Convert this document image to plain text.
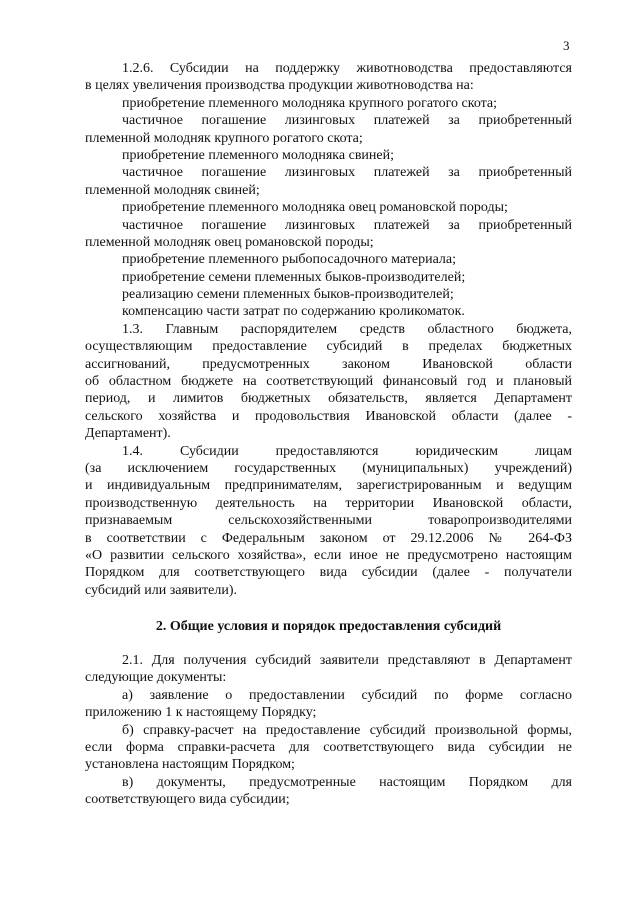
3
1.2.6. Субсидии на поддержку животноводства предоставляются
в целях увеличения производства продукции животноводства на:
приобретение племенного молодняка крупного рогатого скота;
частичное погашение лизинговых платежей за приобретенный
племенной молодняк крупного рогатого скота;
приобретение племенного молодняка свиней;
частичное погашение лизинговых платежей за приобретенный
племенной молодняк свиней;
приобретение племенного молодняка овец романовской породы;
частичное погашение лизинговых платежей за приобретенный
племенной молодняк овец романовской породы;
приобретение племенного рыбопосадочного материала;
приобретение семени племенных быков-производителей;
реализацию семени племенных быков-производителей;
компенсацию части затрат по содержанию кроликоматок.
1.3. Главным распорядителем средств областного бюджета,
осуществляющим предоставление субсидий в пределах бюджетных
ассигнований, предусмотренных законом Ивановской области
об областном бюджете на соответствующий финансовый год и плановый
период, и лимитов бюджетных обязательств, является Департамент
сельского хозяйства и продовольствия Ивановской области (далее -
Департамент).
1.4. Субсидии предоставляются юридическим лицам
(за исключением государственных (муниципальных) учреждений)
и индивидуальным предпринимателям, зарегистрированным и ведущим
производственную деятельность на территории Ивановской области,
признаваемым сельскохозяйственными товаропроизводителями
в соответствии с Федеральным законом от 29.12.2006 № 264-ФЗ
«О развитии сельского хозяйства», если иное не предусмотрено настоящим
Порядком для соответствующего вида субсидии (далее - получатели
субсидий или заявители).
2. Общие условия и порядок предоставления субсидий
2.1. Для получения субсидий заявители представляют в Департамент
следующие документы:
а) заявление о предоставлении субсидий по форме согласно
приложению 1 к настоящему Порядку;
б) справку-расчет на предоставление субсидий произвольной формы,
если форма справки-расчета для соответствующего вида субсидии не
установлена настоящим Порядком;
в) документы, предусмотренные настоящим Порядком для
соответствующего вида субсидии;
